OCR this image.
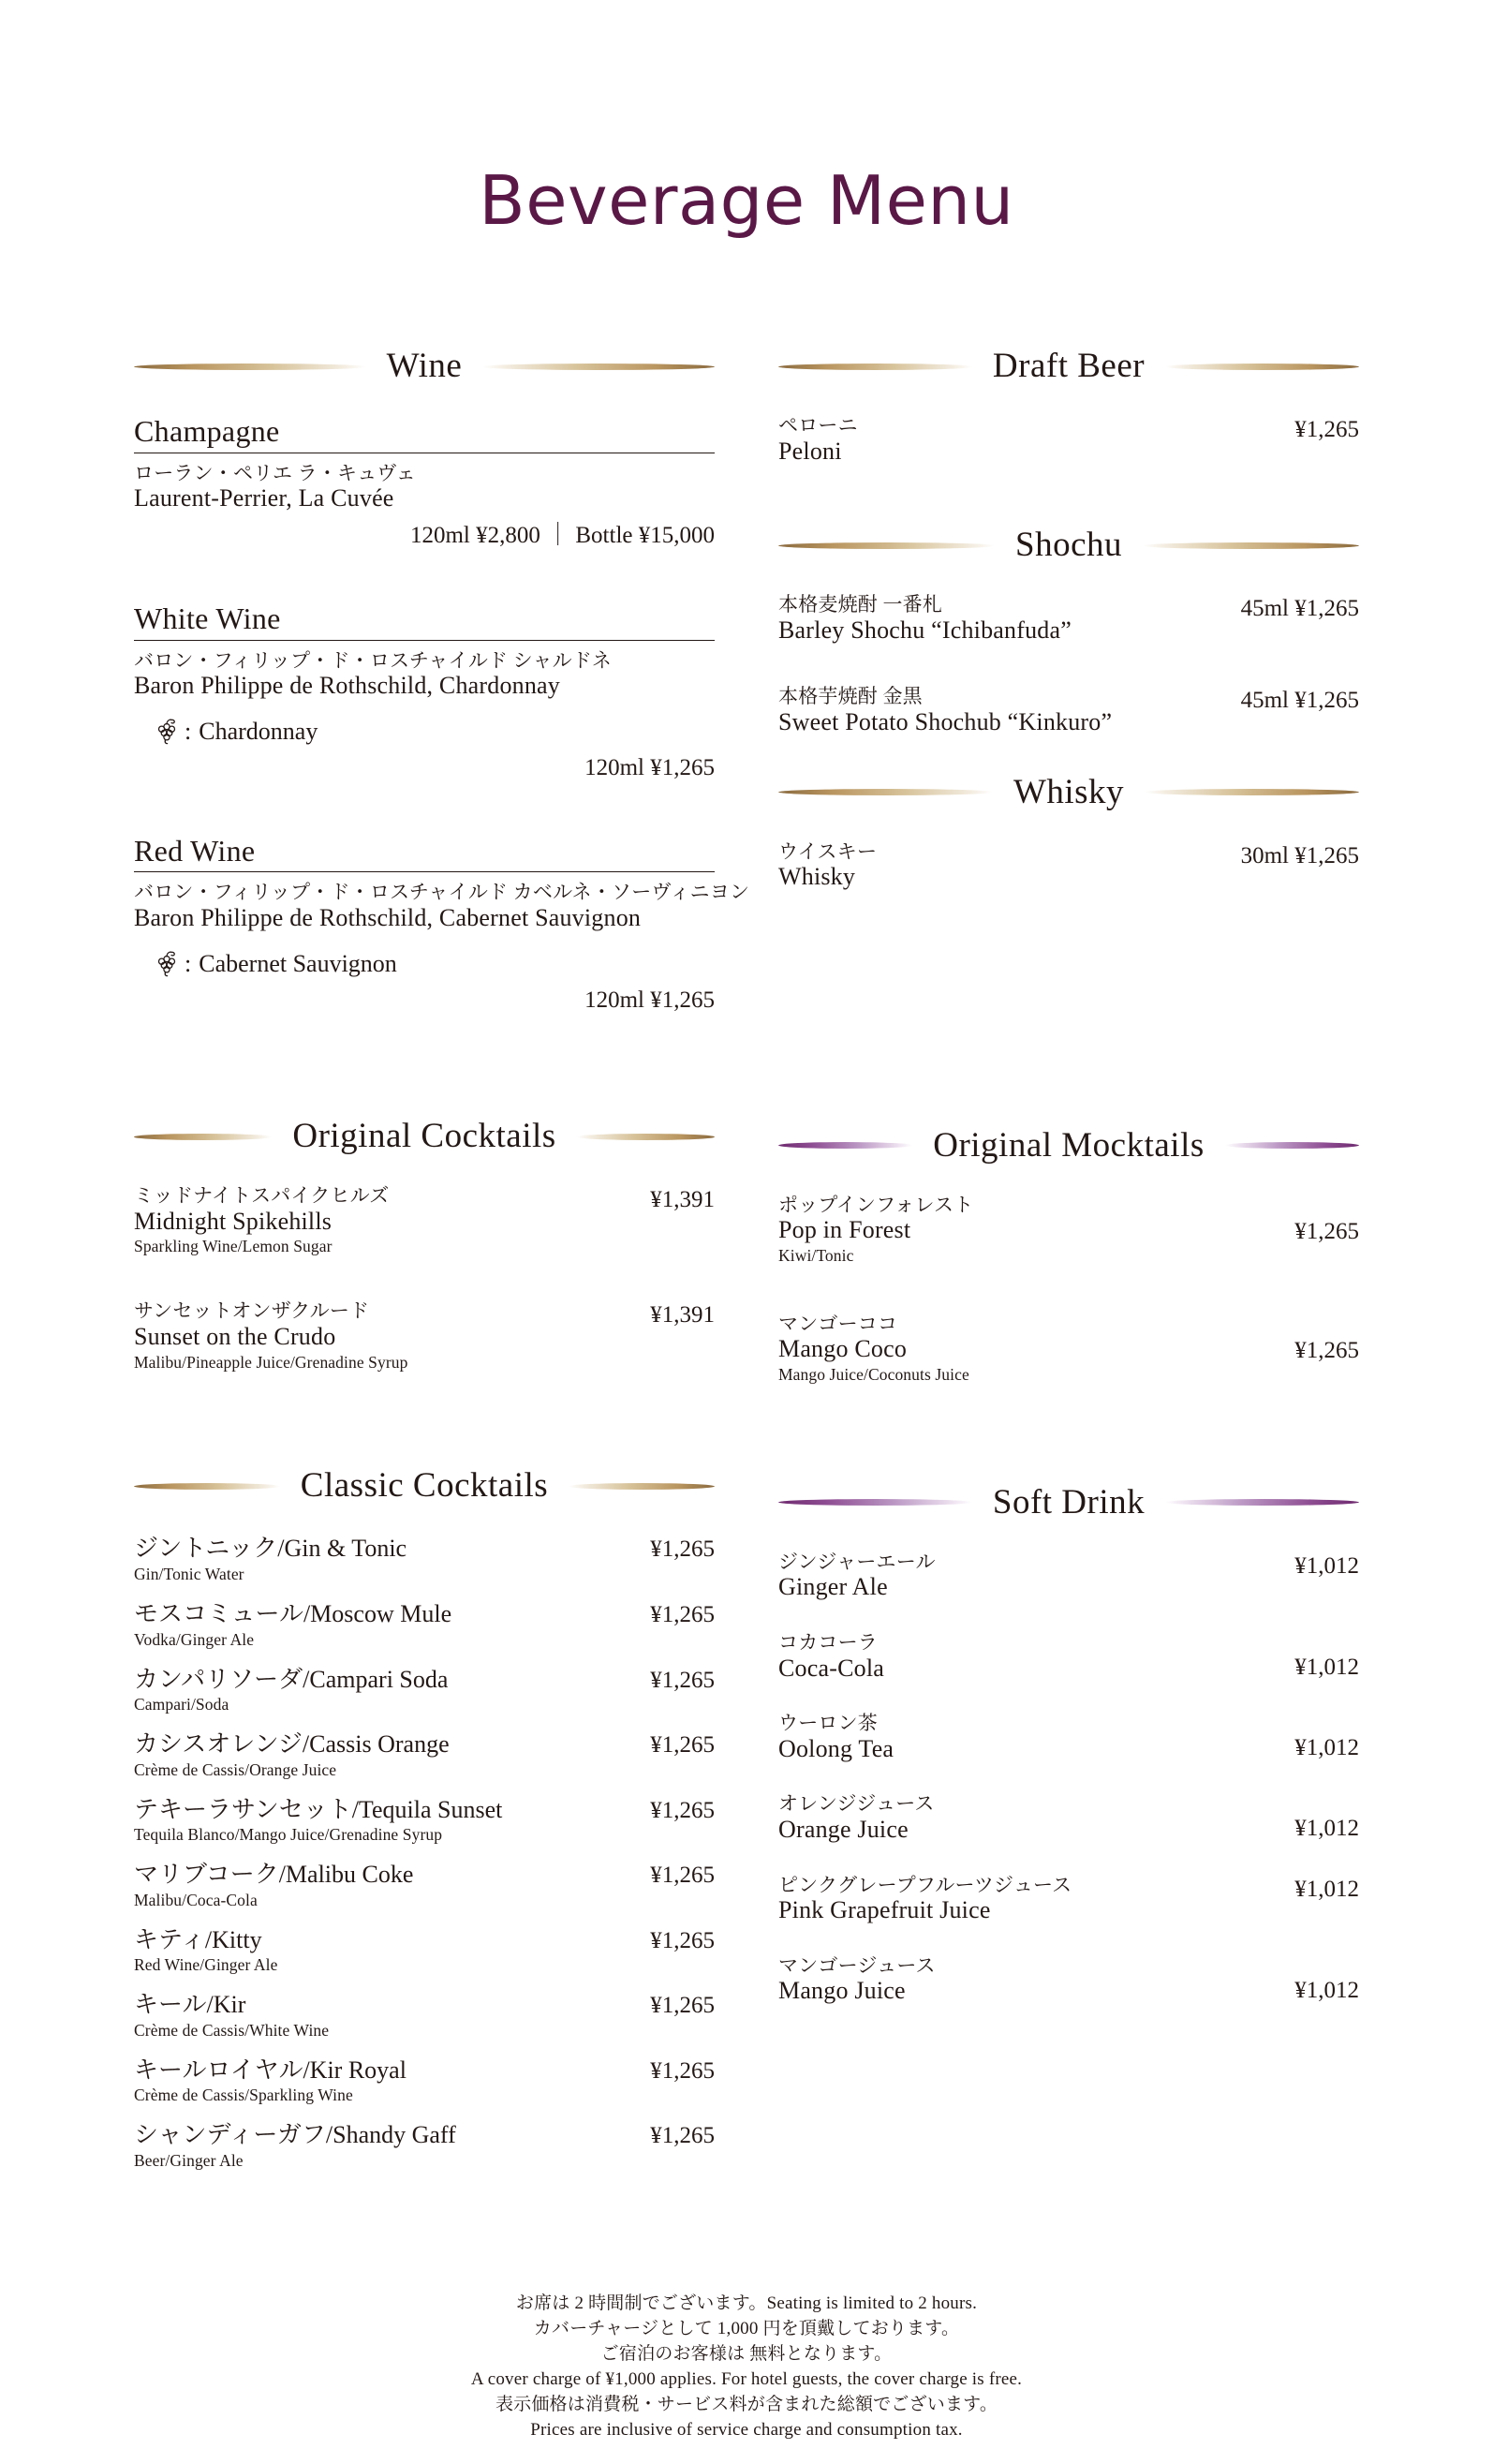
Beverage Menu
Wine
Champagne
ローラン・ペリエ ラ・キュヴェ
Laurent-Perrier, La Cuvée
120ml ¥2,800 ｜ Bottle ¥15,000
White Wine
バロン・フィリップ・ド・ロスチャイルド シャルドネ
Baron Philippe de Rothschild, Chardonnay
: Chardonnay
120ml ¥1,265
Red Wine
バロン・フィリップ・ド・ロスチャイルド カベルネ・ソーヴィニヨン
Baron Philippe de Rothschild, Cabernet Sauvignon
: Cabernet Sauvignon
120ml ¥1,265
Original Cocktails
ミッドナイトスパイクヒルズ
Midnight Spikehills
Sparkling Wine/Lemon Sugar
¥1,391
サンセットオンザクルード
Sunset on the Crudo
Malibu/Pineapple Juice/Grenadine Syrup
¥1,391
Classic Cocktails
ジントニック/Gin & Tonic
Gin/Tonic Water
¥1,265
モスコミュール/Moscow Mule
Vodka/Ginger Ale
¥1,265
カンパリソーダ/Campari Soda
Campari/Soda
¥1,265
カシスオレンジ/Cassis Orange
Crème de Cassis/Orange Juice
¥1,265
テキーラサンセット/Tequila Sunset
Tequila Blanco/Mango Juice/Grenadine Syrup
¥1,265
マリブコーク/Malibu Coke
Malibu/Coca-Cola
¥1,265
キティ/Kitty
Red Wine/Ginger Ale
¥1,265
キール/Kir
Crème de Cassis/White Wine
¥1,265
キールロイヤル/Kir Royal
Crème de Cassis/Sparkling Wine
¥1,265
シャンディーガフ/Shandy Gaff
Beer/Ginger Ale
¥1,265
Draft Beer
ペローニ
Peloni
¥1,265
Shochu
本格麦焼酎 一番札
Barley Shochu “Ichibanfuda”
45ml ¥1,265
本格芋焼酎 金黒
Sweet Potato Shochub “Kinkuro”
45ml ¥1,265
Whisky
ウイスキー
Whisky
30ml ¥1,265
Original Mocktails
ポップインフォレスト
Pop in Forest
Kiwi/Tonic
¥1,265
マンゴーココ
Mango Coco
Mango Juice/Coconuts Juice
¥1,265
Soft Drink
ジンジャーエール
Ginger Ale
¥1,012
コカコーラ
Coca-Cola	¥1,012
ウーロン茶
Oolong Tea	¥1,012
オレンジジュース
Orange Juice	¥1,012
ピンクグレープフルーツジュース
Pink Grapefruit Juice
¥1,012
マンゴージュース
Mango Juice	¥1,012
お席は 2 時間制でございます。Seating is limited to 2 hours.
カバーチャージとして 1,000 円を頂戴しております。
ご宿泊のお客様は 無料となります。
A cover charge of ¥1,000 applies. For hotel guests, the cover charge is free.
表示価格は消費税・サービス料が含まれた総額でございます。
Prices are inclusive of service charge and consumption tax.
